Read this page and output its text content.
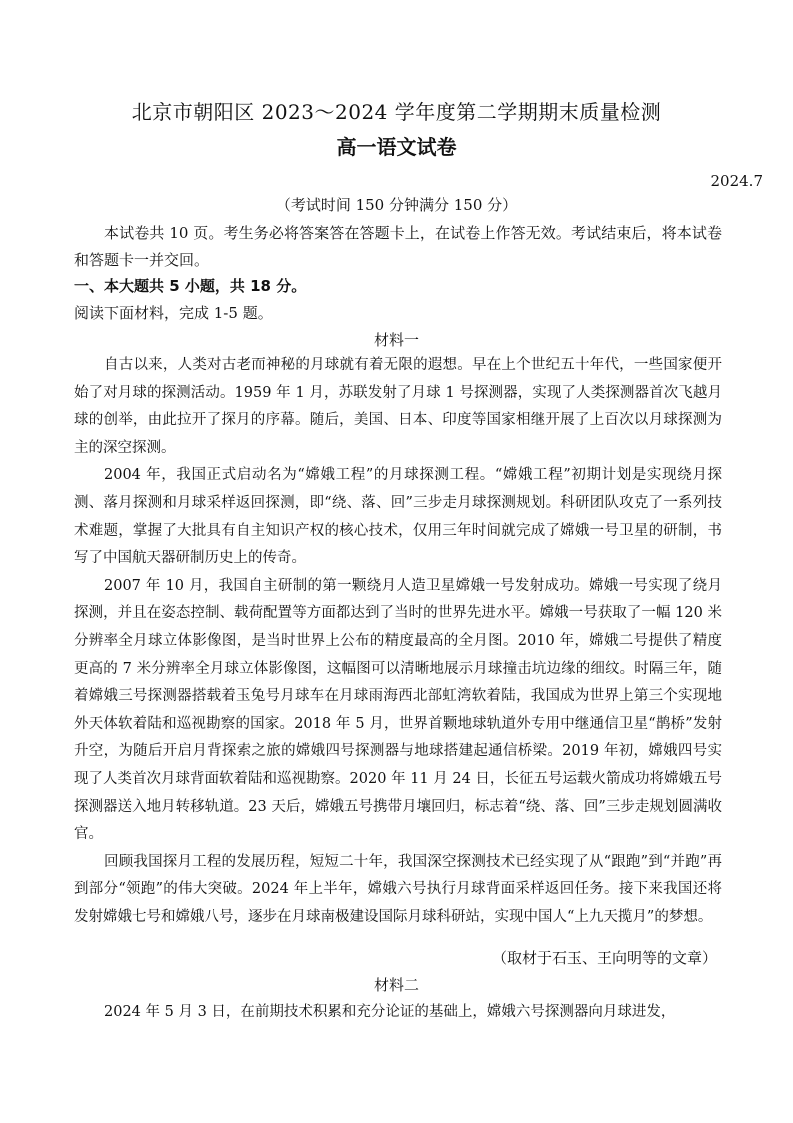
北京市朝阳区 2023～2024 学年度第二学期期末质量检测
高一语文试卷
2024.7
（考试时间 150 分钟满分 150 分）
本试卷共 10 页。考生务必将答案答在答题卡上，在试卷上作答无效。考试结束后，将本试卷和答题卡一并交回。
一、本大题共 5 小题，共 18 分。
阅读下面材料，完成 1-5 题。
材料一

自古以来，人类对古老而神秘的月球就有着无限的遐想。早在上个世纪五十年代，一些国家便开始了对月球的探测活动。1959 年 1 月，苏联发射了月球 1 号探测器，实现了人类探测器首次飞越月球的创举，由此拉开了探月的序幕。随后，美国、日本、印度等国家相继开展了上百次以月球探测为主的深空探测。

2004 年，我国正式启动名为“嫦娥工程”的月球探测工程。“嫦娥工程”初期计划是实现绕月探测、落月探测和月球采样返回探测，即“绕、落、回”三步走月球探测规划。科研团队攻克了一系列技术难题，掌握了大批具有自主知识产权的核心技术，仅用三年时间就完成了嫦娥一号卫星的研制，书写了中国航天器研制历史上的传奇。

2007 年 10 月，我国自主研制的第一颗绕月人造卫星嫦娥一号发射成功。嫦娥一号实现了绕月探测，并且在姿态控制、载荷配置等方面都达到了当时的世界先进水平。嫦娥一号获取了一幅 120 米分辨率全月球立体影像图，是当时世界上公布的精度最高的全月图。2010 年，嫦娥二号提供了精度更高的 7 米分辨率全月球立体影像图，这幅图可以清晰地展示月球撞击坑边缘的细纹。时隔三年，随着嫦娥三号探测器搭载着玉兔号月球车在月球雨海西北部虹湾软着陆，我国成为世界上第三个实现地外天体软着陆和巡视勘察的国家。2018 年 5 月，世界首颗地球轨道外专用中继通信卫星“鹊桥”发射升空，为随后开启月背探索之旅的嫦娥四号探测器与地球搭建起通信桥梁。2019 年初，嫦娥四号实现了人类首次月球背面软着陆和巡视勘察。2020 年 11 月 24 日，长征五号运载火箭成功将嫦娥五号探测器送入地月转移轨道。23 天后，嫦娥五号携带月壤回归，标志着“绕、落、回”三步走规划圆满收官。

回顾我国探月工程的发展历程，短短二十年，我国深空探测技术已经实现了从“跟跑”到“并跑”再到部分“领跑”的伟大突破。2024 年上半年，嫦娥六号执行月球背面采样返回任务。接下来我国还将发射嫦娥七号和嫦娥八号，逐步在月球南极建设国际月球科研站，实现中国人“上九天揽月”的梦想。

（取材于石玉、王向明等的文章）
材料二

2024 年 5 月 3 日，在前期技术积累和充分论证的基础上，嫦娥六号探测器向月球进发，
